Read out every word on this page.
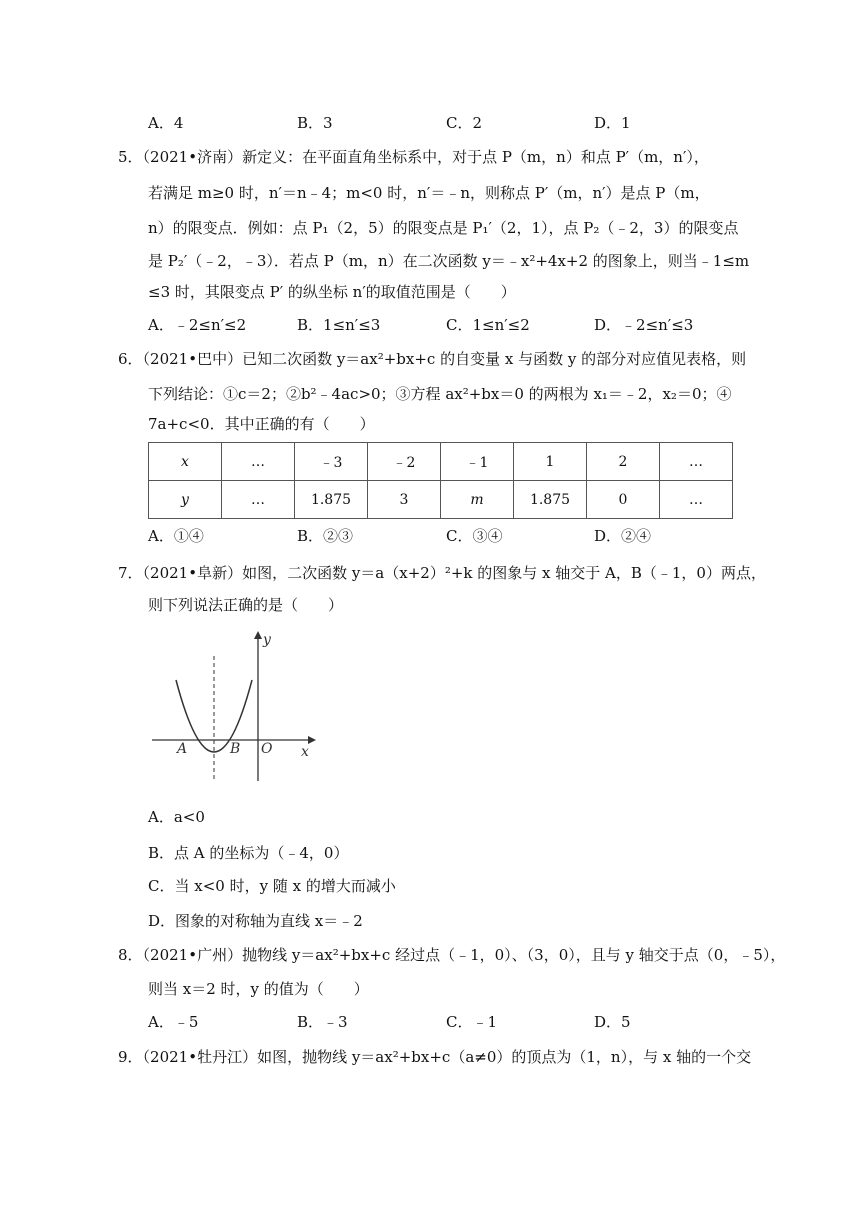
A．4	B．3	C．2	D．1
5．（2021•济南）新定义：在平面直角坐标系中，对于点 P（m，n）和点 P′（m，n′），
若满足 m≥0 时，n′＝n﹣4；m<0 时，n′＝﹣n，则称点 P′（m，n′）是点 P（m，
n）的限变点．例如：点 P₁（2，5）的限变点是 P₁′（2，1），点 P₂（﹣2，3）的限变点
是 P₂′（﹣2，﹣3）．若点 P（m，n）在二次函数 y＝﹣x²+4x+2 的图象上，则当﹣1≤m
≤3 时，其限变点 P′ 的纵坐标 n′的取值范围是（　　）
A．﹣2≤n′≤2	B．1≤n′≤3	C．1≤n′≤2	D．﹣2≤n′≤3
6．（2021•巴中）已知二次函数 y＝ax²+bx+c 的自变量 x 与函数 y 的部分对应值见表格，则
下列结论：①c＝2；②b²﹣4ac>0；③方程 ax²+bx＝0 的两根为 x₁＝﹣2，x₂＝0；④
7a+c<0．其中正确的有（　　）
x	…	﹣3	﹣2	﹣1	1	2	…
y	…	1.875	3	m	1.875	0	…
A．①④	B．②③	C．③④	D．②④
7．（2021•阜新）如图，二次函数 y＝a（x+2）²+k 的图象与 x 轴交于 A，B（﹣1，0）两点，
则下列说法正确的是（　　）
y
x
A	B O
A．a<0
B．点 A 的坐标为（﹣4，0）
C．当 x<0 时，y 随 x 的增大而减小
D．图象的对称轴为直线 x＝﹣2
8．（2021•广州）抛物线 y＝ax²+bx+c 经过点（﹣1，0）、（3，0），且与 y 轴交于点（0，﹣5），
则当 x＝2 时，y 的值为（　　）
A．﹣5	B．﹣3	C．﹣1	D．5
9．（2021•牡丹江）如图，抛物线 y＝ax²+bx+c（a≠0）的顶点为（1，n），与 x 轴的一个交
